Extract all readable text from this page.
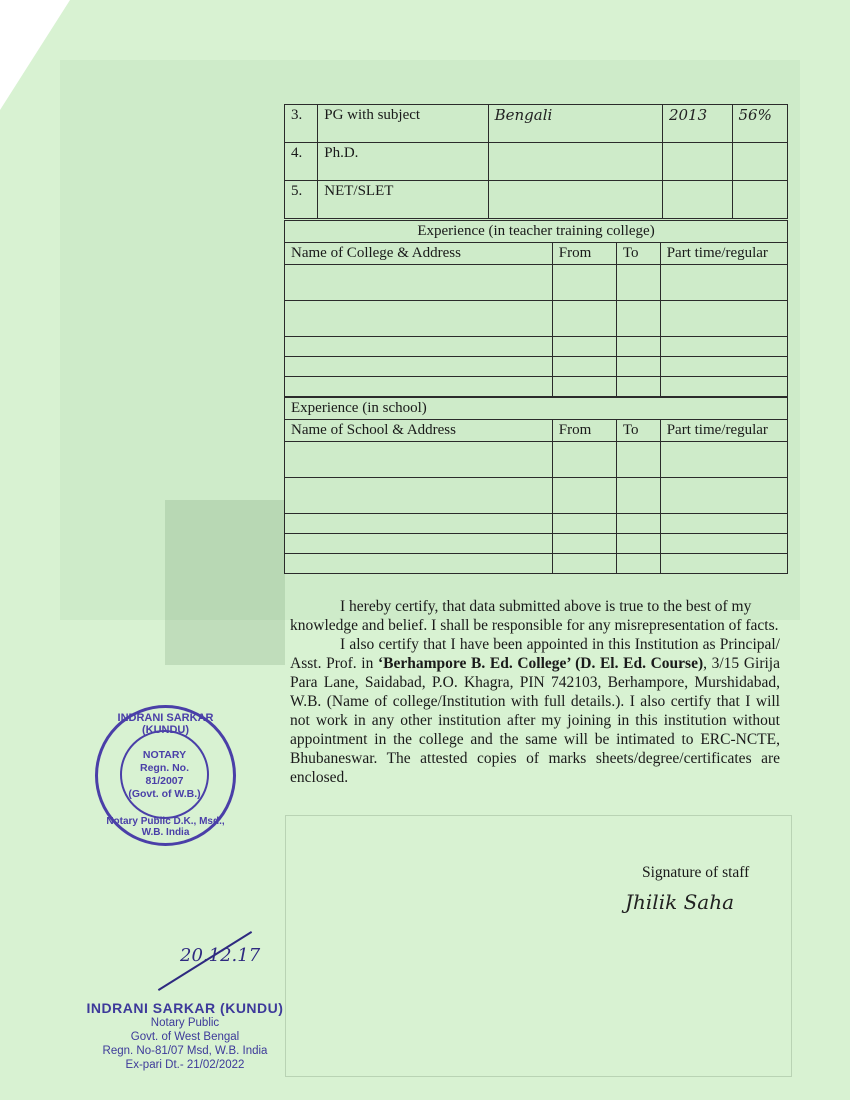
3.	PG with subject	Bengali	2013	56%
4.	Ph.D.			
5.	NET/SLET			
Experience (in teacher training college)			
Name of College & Address	From	To	Part time/regular

Experience (in school)			
Name of School & Address	From	To	Part time/regular

I hereby certify, that data submitted above is true to the best of my knowledge and belief. I shall be responsible for any misrepresentation of facts.

I also certify that I have been appointed in this Institution as Principal/ Asst. Prof. in ‘Berhampore B. Ed. College’ (D. El. Ed. Course), 3/15 Girija Para Lane, Saidabad, P.O. Khagra, PIN 742103, Berhampore, Murshidabad, W.B. (Name of college/Institution with full details.). I also certify that I will not work in any other institution after my joining in this institution without appointment in the college and the same will be intimated to ERC-NCTE, Bhubaneswar. The attested copies of marks sheets/degree/certificates are enclosed.

Signature of staff
Jhilik Saha
INDRANI SARKAR (KUNDU)
NOTARY
Regn. No.
81/2007
(Govt. of W.B.)
Notary Public D.K., Msd., W.B. India
20.12.17
INDRANI SARKAR (KUNDU)
Notary Public
Govt. of West Bengal
Regn. No-81/07 Msd, W.B. India
Ex-pari Dt.- 21/02/2022
